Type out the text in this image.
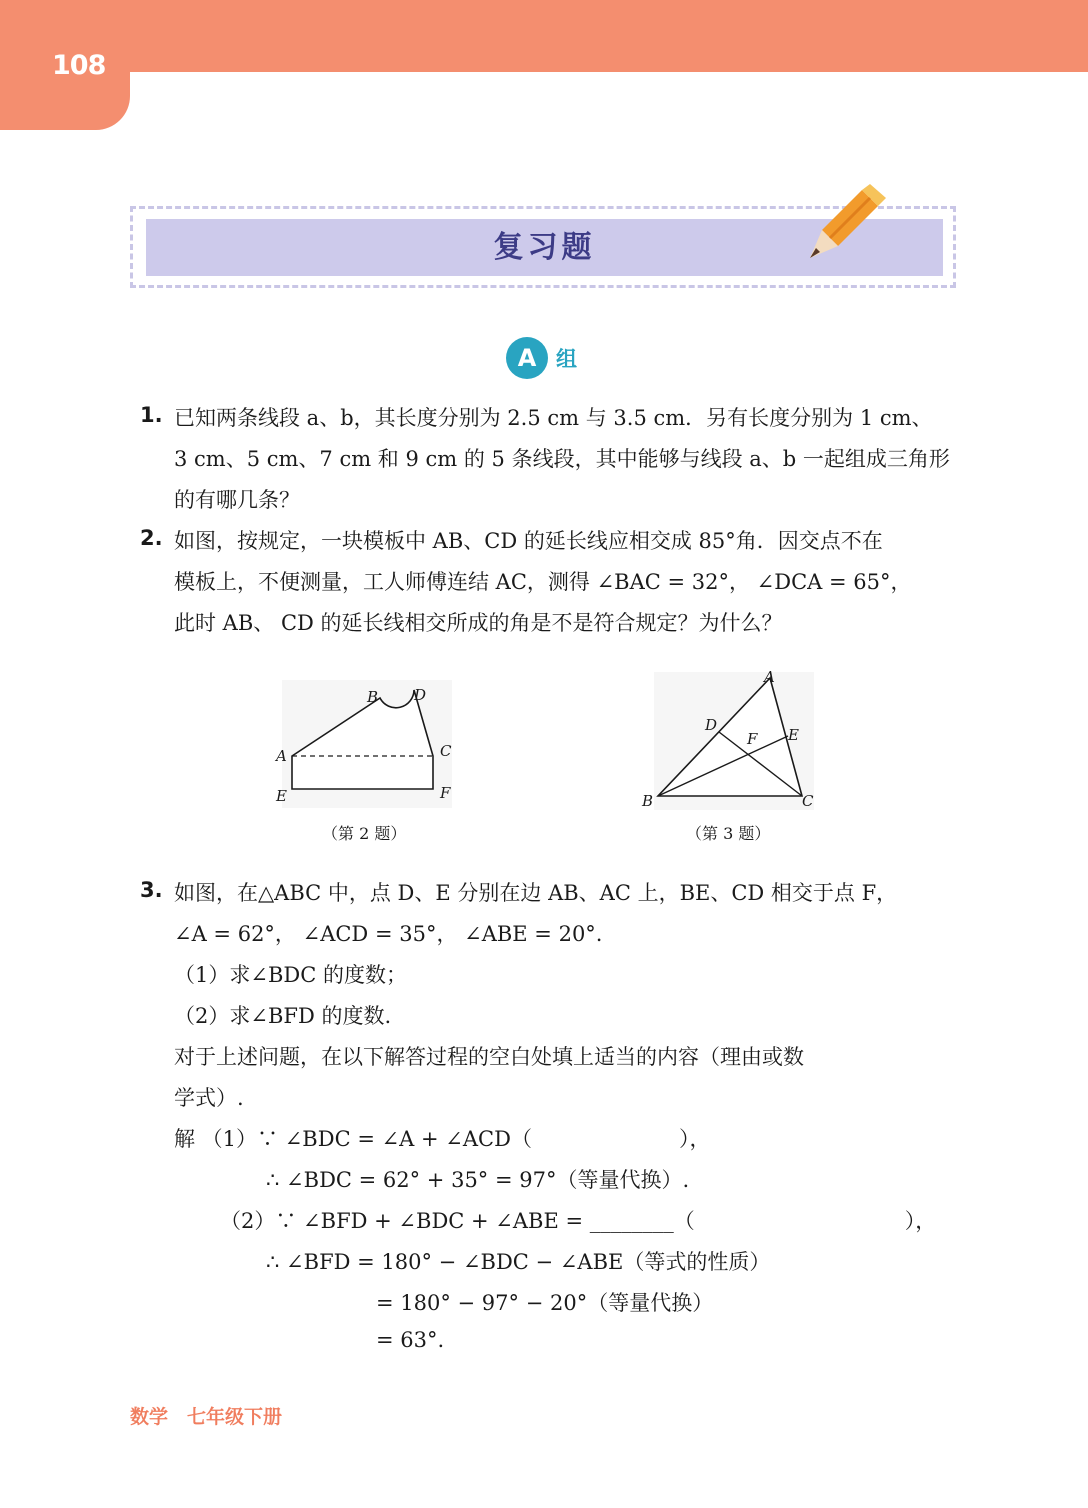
108
复习题
A 组
1. 已知两条线段 a、b，其长度分别为 2.5 cm 与 3.5 cm．另有长度分别为 1 cm、
3 cm、5 cm、7 cm 和 9 cm 的 5 条线段，其中能够与线段 a、b 一起组成三角形
的有哪几条？
2. 如图，按规定，一块模板中 AB、CD 的延长线应相交成 85°角．因交点不在
模板上，不便测量，工人师傅连结 AC，测得 ∠BAC = 32°， ∠DCA = 65°，
此时 AB、 CD 的延长线相交所成的角是不是符合规定？为什么？
B D
A	C
E	F
（第 2 题）
A
D
F E
B	C
（第 3 题）
3. 如图，在△ABC 中，点 D、E 分别在边 AB、AC 上，BE、CD 相交于点 F，
∠A = 62°， ∠ACD = 35°， ∠ABE = 20°.
（1）求∠BDC 的度数；
（2）求∠BFD 的度数.
对于上述问题，在以下解答过程的空白处填上适当的内容（理由或数
学式）.
解 （1）∵ ∠BDC = ∠A + ∠ACD（　　　　　　　），
∴ ∠BDC = 62° + 35° = 97°（等量代换）.
（2）∵ ∠BFD + ∠BDC + ∠ABE = ________（　　　　　　　　　　），
∴ ∠BFD = 180° − ∠BDC − ∠ABE（等式的性质）
= 180° − 97° − 20°（等量代换）
= 63°.
数学　七年级下册
